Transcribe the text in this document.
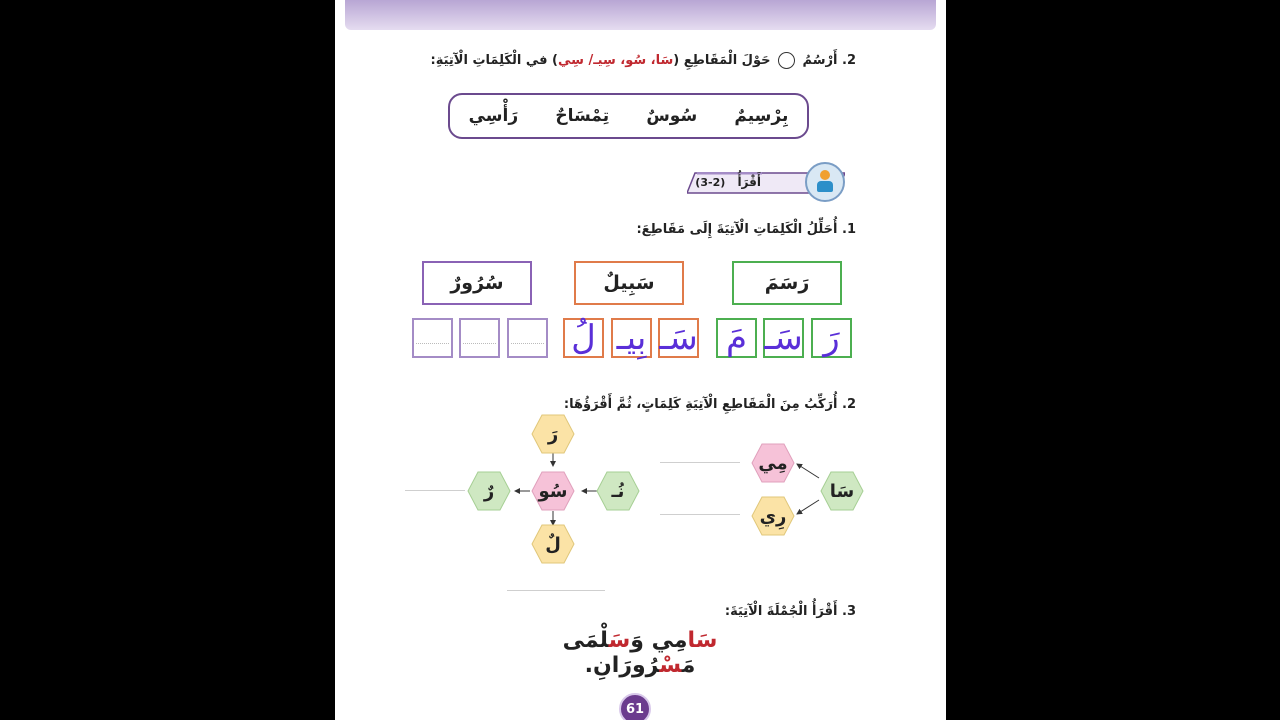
2. أَرْسُمُ  حَوْلَ الْمَقَاطِعِ (سَا، سُو، سِيـ/ سِي) في الْكَلِمَاتِ الْآتِيَةِ:
بِرْسِيمٌ
سُوسٌ
تِمْسَاحٌ
رَأْسِي
أَقْرَأُ (2-3)
1. أُحَلِّلُ الْكَلِمَاتِ الْآتِيَةَ إِلَى مَقَاطِعَ:
رَسَمَ
سَبِيلٌ
سُرُورٌ
رَ
سَـ
مَ
سَـ
بِيـ
لُ
2. أُرَكِّبُ مِنَ الْمَقَاطِعِ الْآتِيَةِ كَلِمَاتٍ، ثُمَّ أَقْرَؤُهَا:
رَ
سُو نُـ
رٌ
لٌ
سَا
مِي
رِي
3. أَقْرَأُ الْجُمْلَةَ الْآتِيَةَ:
سَامِي وَسَلْمَى مَسْرُورَانِ.
61
